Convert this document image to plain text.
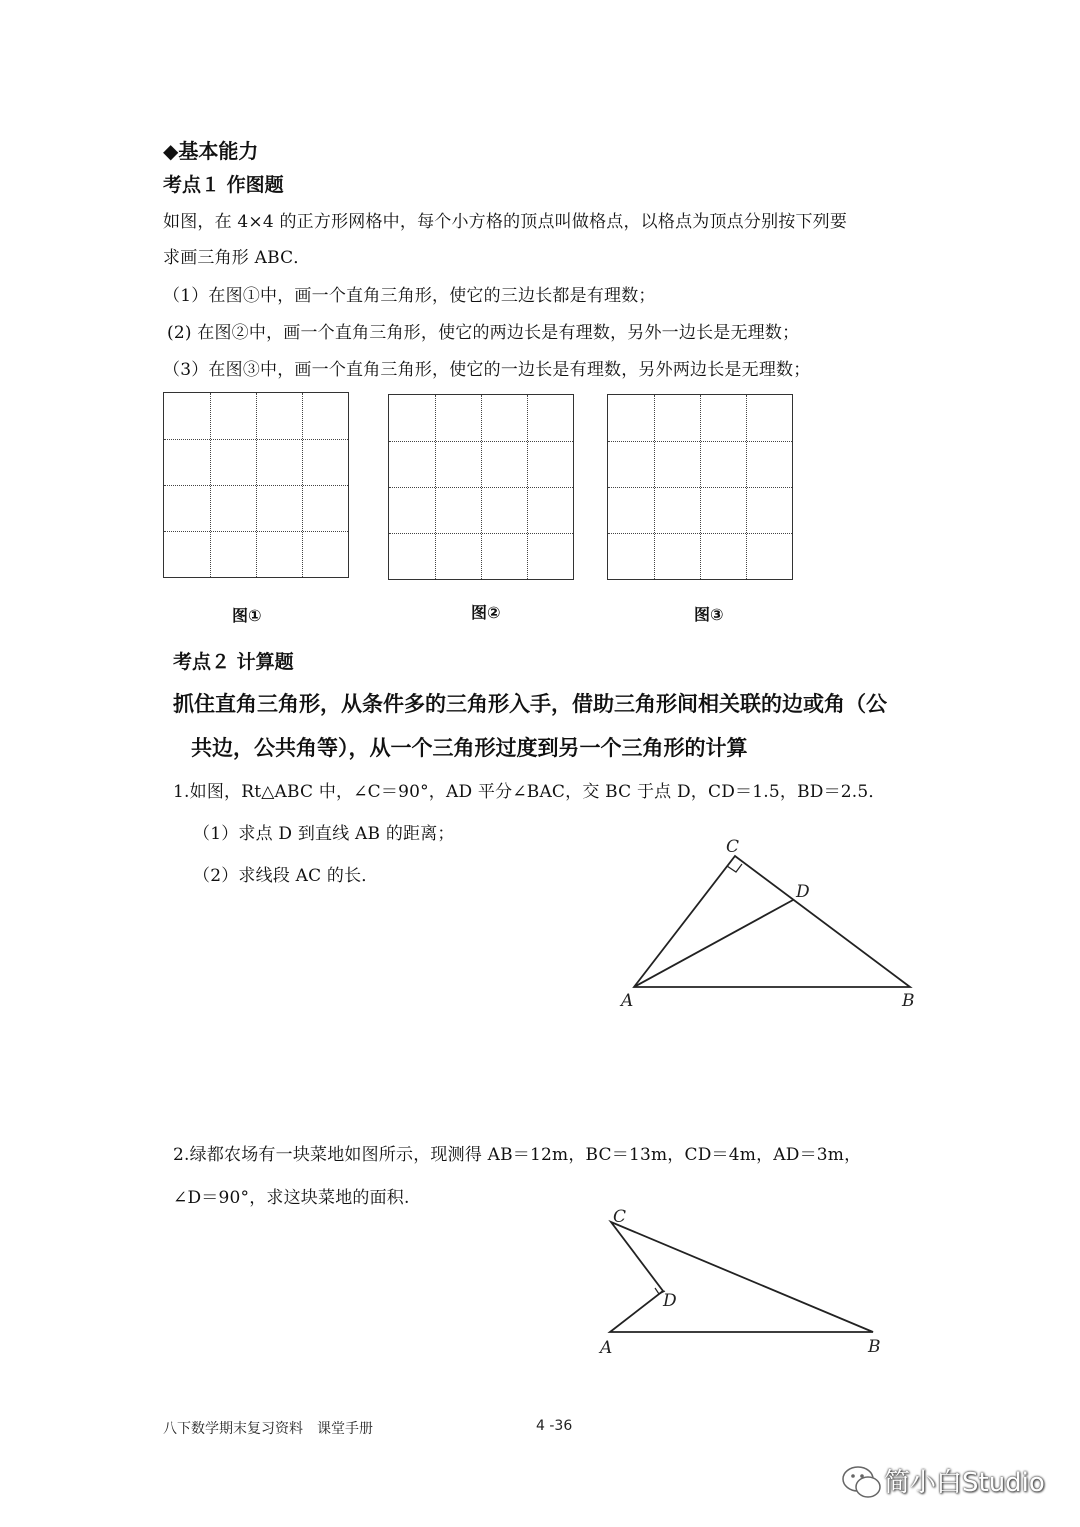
◆基本能力
考点１ 作图题
如图，在 4×4 的正方形网格中，每个小方格的顶点叫做格点，以格点为顶点分别按下列要
求画三角形 ABC．
（1）在图①中，画一个直角三角形，使它的三边长都是有理数；
(2) 在图②中，画一个直角三角形，使它的两边长是有理数，另外一边长是无理数；
（3）在图③中，画一个直角三角形，使它的一边长是有理数，另外两边长是无理数；
图①	图②	图③
考点２ 计算题
抓住直角三角形，从条件多的三角形入手，借助三角形间相关联的边或角（公
共边，公共角等），从一个三角形过度到另一个三角形的计算
1.如图，Rt△ABC 中，∠C＝90°，AD 平分∠BAC，交 BC 于点 D，CD＝1.5，BD＝2.5．
（1）求点 D 到直线 AB 的距离；
（2）求线段 AC 的长．
C
D
A	B
2.绿都农场有一块菜地如图所示，现测得 AB＝12m，BC＝13m，CD＝4m，AD＝3m，
∠D＝90°，求这块菜地的面积.
C
D
A	B
八下数学期末复习资料　课堂手册	4 -36
简小白Studio
